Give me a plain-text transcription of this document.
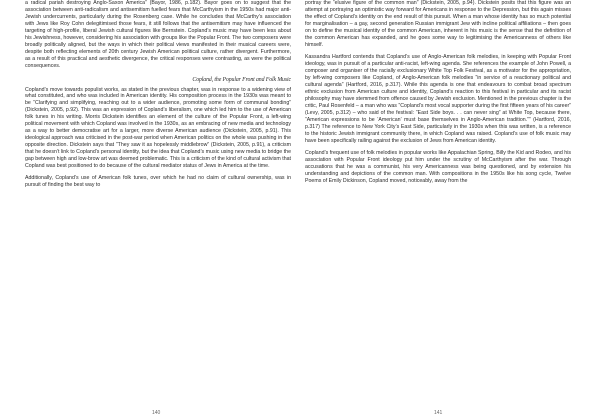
a radical pariah destroying Anglo-Saxon America” (Bayor, 1986, p.182). Bayor goes on to suggest that the association between anti-radicalism and antisemitism fuelled fears that McCarthyism in the 1950s had major anti-Jewish undercurrents, particularly during the Rosenberg case. While he concludes that McCarthy’s association with Jews like Roy Cohn delegitimised those fears, it still follows that the antisemitism may have influenced the targeting of high-profile, liberal Jewish cultural figures like Bernstein. Copland’s music may have been less about his Jewishness, however, considering his association with groups like the Popular Front. The two composers were broadly politically aligned, but the ways in which their political views manifested in their musical careers were, despite both reflecting elements of 20th century Jewish American political culture, rather divergent. Furthermore, as a result of this practical and aesthetic divergence, the critical responses were contrasting, as were the political consequences.

Copland, the Popular Front and Folk Music

Copland’s move towards populist works, as stated in the previous chapter, was in response to a widening view of what constituted, and who was included in American identity. His composition process in the 1930s was meant to be “Clarifying and simplifying, reaching out to a wider audience, promoting some form of communal bonding” (Dickstein, 2005, p.92). This was an expression of Copland’s liberalism, one which led him to the use of American folk tunes in his writing. Morris Dickstein identifies an element of the culture of the Popular Front, a left-wing political movement with which Copland was involved in the 1930s, as an embracing of new media and technology as a way to better democratise art for a larger, more diverse American audience (Dickstein, 2005, p.91). This ideological approach was criticised in the post-war period when American politics on the whole was pushing in the opposite direction. Dickstein says that “They saw it as hopelessly middlebrow” (Dickstein, 2005, p.91), a criticism that he doesn’t link to Copland’s personal identity, but the idea that Copland’s music using new media to bridge the gap between high and low-brow art was deemed problematic. This is a criticism of the kind of cultural activism that Copland was best positioned to do because of the cultural mediator status of Jews in America at the time.

Additionally, Copland’s use of American folk tunes, over which he had no claim of cultural ownership, was in pursuit of finding the best way to

140

portray the “elusive figure of the common man” (Dickstein, 2005, p.94). Dickstein posits that this figure was an attempt at portraying an optimistic way forward for Americans in response to the Depression, but this again misses the effect of Copland’s identity on the end result of this pursuit. When a man whose identity has so much potential for marginalisation – a gay, second generation Russian immigrant Jew with incline political affiliations – then goes on to define the musical identity of the common American, inherent in his music is the sense that the definition of the common American has expanded, and he goes some way to legitimising the Americanness of others like himself.

Kassandra Hartford contends that Copland’s use of Anglo-American folk melodies, in keeping with Popular Front ideology, was in pursuit of a particular anti-racist, left-wing agenda. She references the example of John Powell, a composer and organiser of the racially exclusionary White Top Folk Festival, as a motivator for the appropriation, by left-wing composers like Copland, of Anglo-American folk melodies “in service of a reactionary political and cultural agenda” (Hartford, 2016, p.317). While this agenda is one that endeavours to combat broad spectrum ethnic exclusion from American culture and identity, Copland’s reaction to this festival in particular and its racist philosophy may have stemmed from offence caused by Jewish exclusion. Mentioned in the previous chapter is the critic, Paul Rosenfeld – a man who was “Copland’s most vocal supporter during the first fifteen years of his career” (Levy, 2005, p.312) – who said of the festival: “East Side boys. . . can never sing” at White Top, because there, “American expressions to be ‘American’ must base themselves in Anglo-American tradition.”” (Hartford, 2016, p.317) The reference to New York City’s East Side, particularly in the 1930s when this was written, is a reference to the historic Jewish immigrant community there, in which Copland was raised. Copland’s use of folk music may have been specifically railing against the exclusion of Jews from American identity.

Copland’s frequent use of folk melodies in popular works like Appalachian Spring, Billy the Kid and Rodeo, and his association with Popular Front ideology put him under the scrutiny of McCarthyism after the war. Through accusations that he was a communist, his very Americanness was being questioned, and by extension his understanding and depictions of the common man. With compositions in the 1950s like his song cycle, Twelve Poems of Emily Dickinson, Copland moved, noticeably, away from the

141
